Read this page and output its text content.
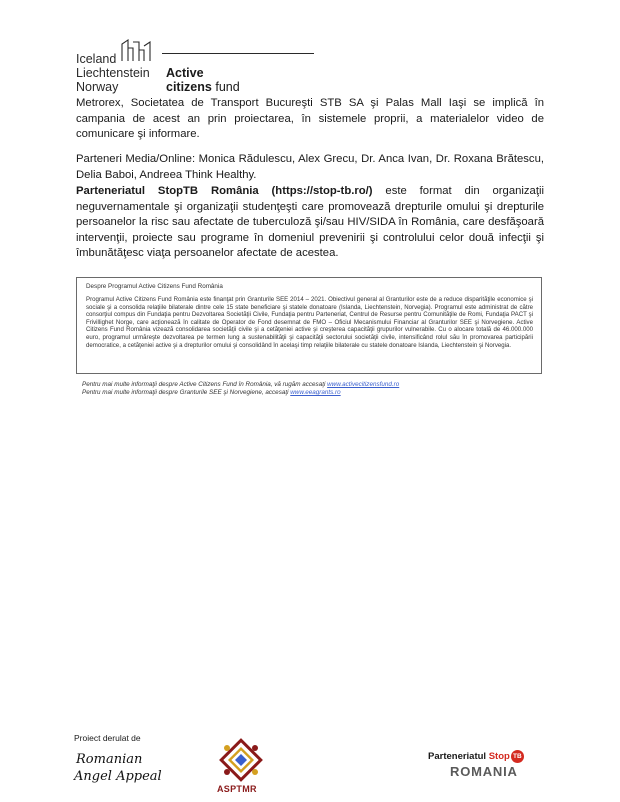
Iceland
Liechtenstein
Norway
Active
citizens fund

Metrorex, Societatea de Transport Bucureşti STB SA şi Palas Mall Iaşi se implică în campania de acest an prin proiectarea, în sistemele proprii, a materialelor video de comunicare şi informare.

Parteneri Media/Online: Monica Rădulescu, Alex Grecu, Dr. Anca Ivan, Dr. Roxana Brătescu, Delia Baboi, Andreea Think Healthy.

Parteneriatul StopTB România (https://stop-tb.ro/) este format din organizaţii neguvernamentale şi organizaţii studenţeşti care promovează drepturile omului şi drepturile persoanelor la risc sau afectate de tuberculoză şi/sau HIV/SIDA în România, care desfăşoară intervenţii, proiecte sau programe în domeniul prevenirii şi controlului celor două infecţii şi îmbunătăţesc viaţa persoanelor afectate de acestea.

Despre Programul Active Citizens Fund România
Programul Active Citizens Fund România este finanţat prin Granturile SEE 2014 – 2021. Obiectivul general al Granturilor este de a reduce disparităţile economice şi sociale şi a consolida relaţiile bilaterale dintre cele 15 state beneficiare şi statele donatoare (Islanda, Liechtenstein, Norvegia). Programul este administrat de către consorţiul compus din Fundaţia pentru Dezvoltarea Societăţii Civile, Fundaţia pentru Parteneriat, Centrul de Resurse pentru Comunităţile de Romi, Fundaţia PACT şi Frivillighet Norge, care acţionează în calitate de Operator de Fond desemnat de FMO – Oficiul Mecanismului Financiar al Granturilor SEE şi Norvegiene. Active Citizens Fund România vizează consolidarea societăţii civile şi a cetăţeniei active şi creşterea capacităţii grupurilor vulnerabile. Cu o alocare totală de 46.000.000 euro, programul urmăreşte dezvoltarea pe termen lung a sustenabilităţii şi capacităţii sectorului societăţii civile, intensificând rolul său în promovarea participării democratice, a cetăţeniei active şi a drepturilor omului şi consolidând în acelaşi timp relaţiile bilaterale cu statele donatoare Islanda, Liechtenstein şi Norvegia.
Pentru mai multe informaţii despre Active Citizens Fund în România, vă rugăm accesaţi www.activecitizensfund.ro
Pentru mai multe informaţii despre Granturile SEE şi Norvegiene, accesaţi www.eeagrants.ro
Proiect derulat de
Romanian
Angel Appeal
ASPTMR
Parteneriatul Stop TB
ROMANIA
